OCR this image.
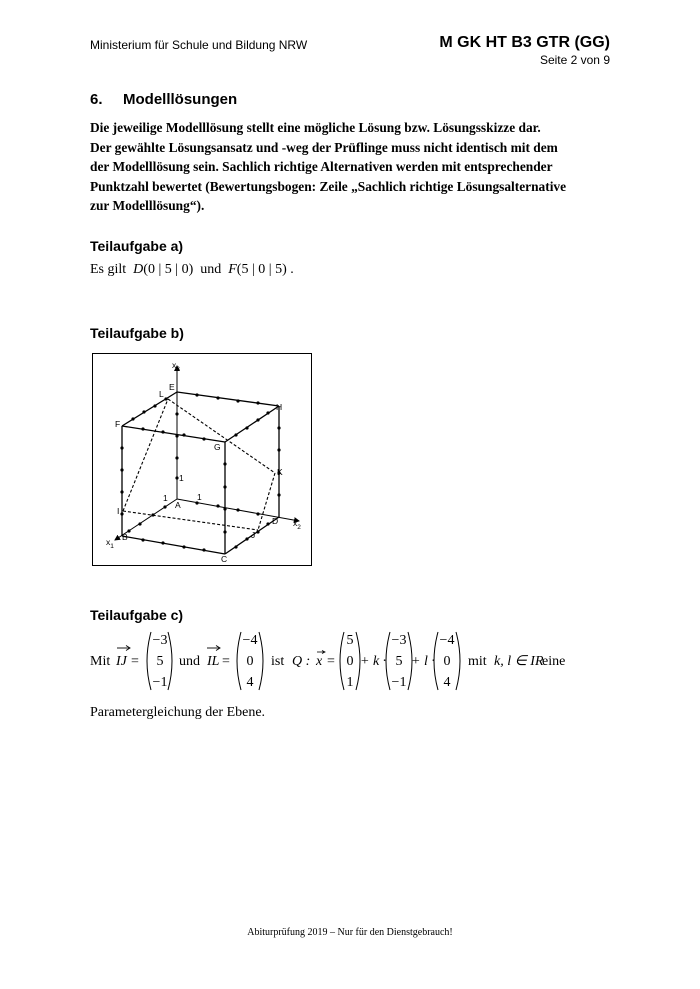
Ministerium für Schule und Bildung NRW	M GK HT B3 GTR (GG)
Seite 2 von 9
6. Modelllösungen
Die jeweilige Modelllösung stellt eine mögliche Lösung bzw. Lösungsskizze dar.
Der gewählte Lösungsansatz und -weg der Prüflinge muss nicht identisch mit dem
der Modelllösung sein. Sachlich richtige Alternativen werden mit entsprechender
Punktzahl bewertet (Bewertungsbogen: Zeile „Sachlich richtige Lösungsalternative
zur Modelllösung“).
Teilaufgabe a)
Es gilt D(0 | 5 | 0) und F(5 | 0 | 5) .
Teilaufgabe b)
$x_3$
$x_2$
$x_1$
E
L
F
H
G
K
1
1	1
A
I
D
J
B
C
Teilaufgabe c)
Mit IJ =
−3
5
−1
und IL =
−4
0
4
ist Q : x =
5
0
1
+ k ·
−3
5
−1
+ l ·
−4
0
4
mit k, l ∈ IR
eine
Parametergleichung der Ebene.
Abiturprüfung 2019 – Nur für den Dienstgebrauch!
